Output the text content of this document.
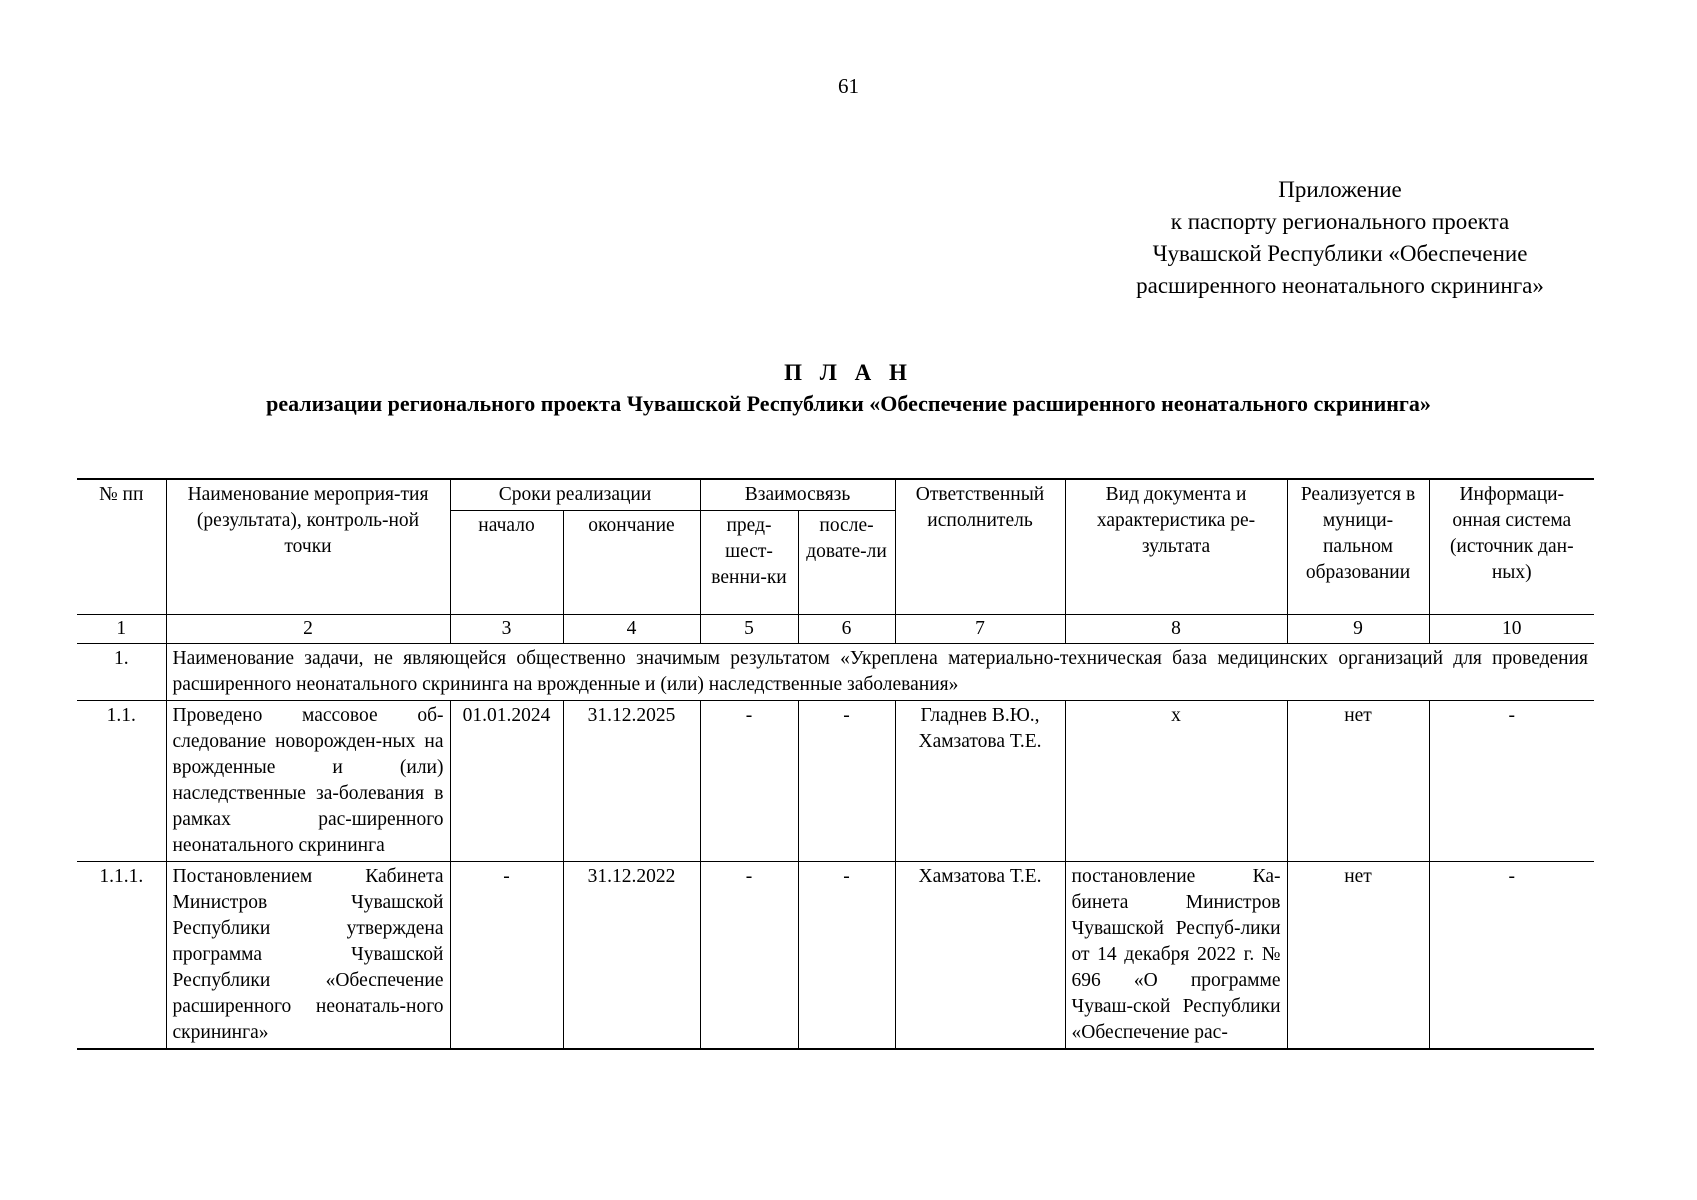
61
Приложение
к паспорту регионального проекта
Чувашской Республики «Обеспечение
расширенного неонатального скрининга»
П Л А Н
реализации регионального проекта Чувашской Республики «Обеспечение расширенного неонатального скрининга»
№ пп	Наименование мероприя-тия (результата), контроль-ной точки	Сроки реализации		Взаимосвязь		Ответственный исполнитель	Вид документа и характеристика ре-зультата	Реализуется в муници-пальном образовании	Информаци-онная система (источник дан-ных)
		начало	окончание	пред-шест-венни-ки	после-довате-ли				
1	2	3	4	5	6	7	8	9	10
1.	Наименование задачи, не являющейся общественно значимым результатом «Укреплена материально-техническая база медицинских организаций для проведения расширенного неонатального скрининга на врожденные и (или) наследственные заболевания»								
1.1.	Проведено массовое об-следование новорожден-ных на врожденные и (или) наследственные за-болевания в рамках рас-ширенного неонатального скрининга	01.01.2024	31.12.2025	-	-	Гладнев В.Ю., Хамзатова Т.Е.	x	нет	-
1.1.1.	Постановлением Кабинета Министров Чувашской Республики утверждена программа Чувашской Республики «Обеспечение расширенного неонаталь-ного скрининга»	-	31.12.2022	-	-	Хамзатова Т.Е.	постановление Ка-бинета Министров Чувашской Респуб-лики от 14 декабря 2022 г. № 696 «О программе Чуваш-ской Республики «Обеспечение рас-	нет	-
